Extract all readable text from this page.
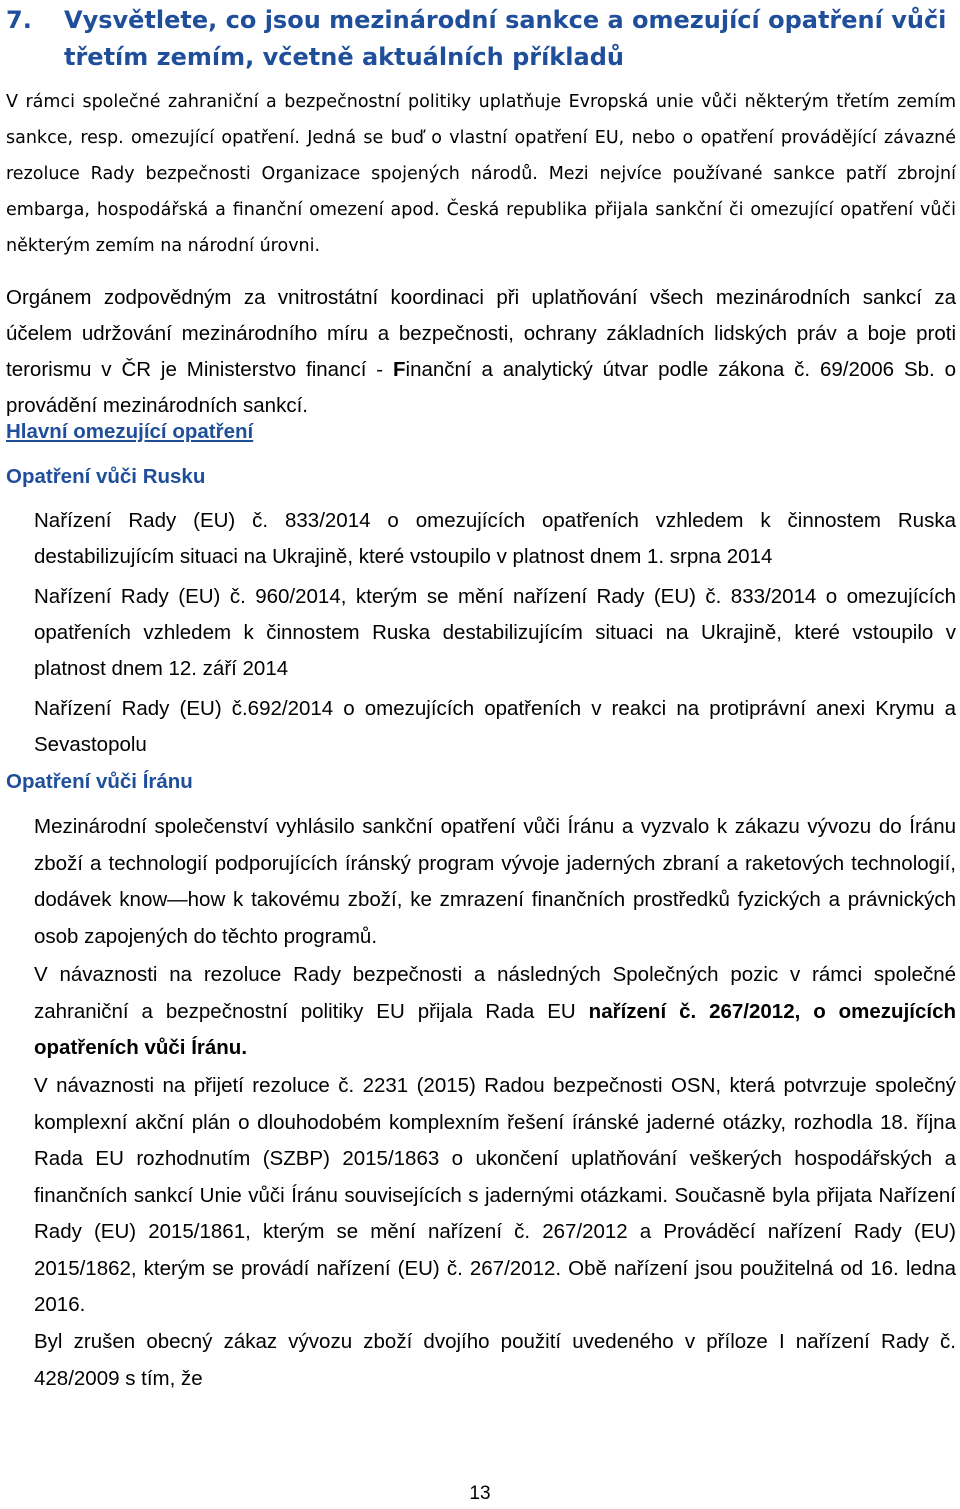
7. Vysvětlete, co jsou mezinárodní sankce a omezující opatření vůči třetím zemím, včetně aktuálních příkladů

V rámci společné zahraniční a bezpečnostní politiky uplatňuje Evropská unie vůči některým třetím zemím sankce, resp. omezující opatření. Jedná se buď o vlastní opatření EU, nebo o opatření provádějící závazné rezoluce Rady bezpečnosti Organizace spojených národů. Mezi nejvíce používané sankce patří zbrojní embarga, hospodářská a finanční omezení apod. Česká republika přijala sankční či omezující opatření vůči některým zemím na národní úrovni.

Orgánem zodpovědným za vnitrostátní koordinaci při uplatňování všech mezinárodních sankcí za účelem udržování mezinárodního míru a bezpečnosti, ochrany základních lidských práv a boje proti terorismu v ČR je Ministerstvo financí - Finanční a analytický útvar podle zákona č. 69/2006 Sb. o provádění mezinárodních sankcí.

Hlavní omezující opatření

Opatření vůči Rusku

Nařízení Rady (EU) č. 833/2014 o omezujících opatřeních vzhledem k činnostem Ruska destabilizujícím situaci na Ukrajině, které vstoupilo v platnost dnem 1. srpna 2014

Nařízení Rady (EU) č. 960/2014, kterým se mění nařízení Rady (EU) č. 833/2014 o omezujících opatřeních vzhledem k činnostem Ruska destabilizujícím situaci na Ukrajině, které vstoupilo v platnost dnem 12. září 2014

Nařízení Rady (EU) č.692/2014 o omezujících opatřeních v reakci na protiprávní anexi Krymu a Sevastopolu

Opatření vůči Íránu

Mezinárodní společenství vyhlásilo sankční opatření vůči Íránu a vyzvalo k zákazu vývozu do Íránu zboží a technologií podporujících íránský program vývoje jaderných zbraní a raketových technologií, dodávek know—how k takovému zboží, ke zmrazení finančních prostředků fyzických a právnických osob zapojených do těchto programů.

V návaznosti na rezoluce Rady bezpečnosti a následných Společných pozic v rámci společné zahraniční a bezpečnostní politiky EU přijala Rada EU nařízení č. 267/2012, o omezujících opatřeních vůči Íránu.

V návaznosti na přijetí rezoluce č. 2231 (2015) Radou bezpečnosti OSN, která potvrzuje společný komplexní akční plán o dlouhodobém komplexním řešení íránské jaderné otázky, rozhodla 18. října Rada EU rozhodnutím (SZBP) 2015/1863 o ukončení uplatňování veškerých hospodářských a finančních sankcí Unie vůči Íránu souvisejících s jadernými otázkami. Současně byla přijata Nařízení Rady (EU) 2015/1861, kterým se mění nařízení č. 267/2012 a Prováděcí nařízení Rady (EU) 2015/1862, kterým se provádí nařízení (EU) č. 267/2012. Obě nařízení jsou použitelná od 16. ledna 2016.

Byl zrušen obecný zákaz vývozu zboží dvojího použití uvedeného v příloze I nařízení Rady č. 428/2009 s tím, že

13
